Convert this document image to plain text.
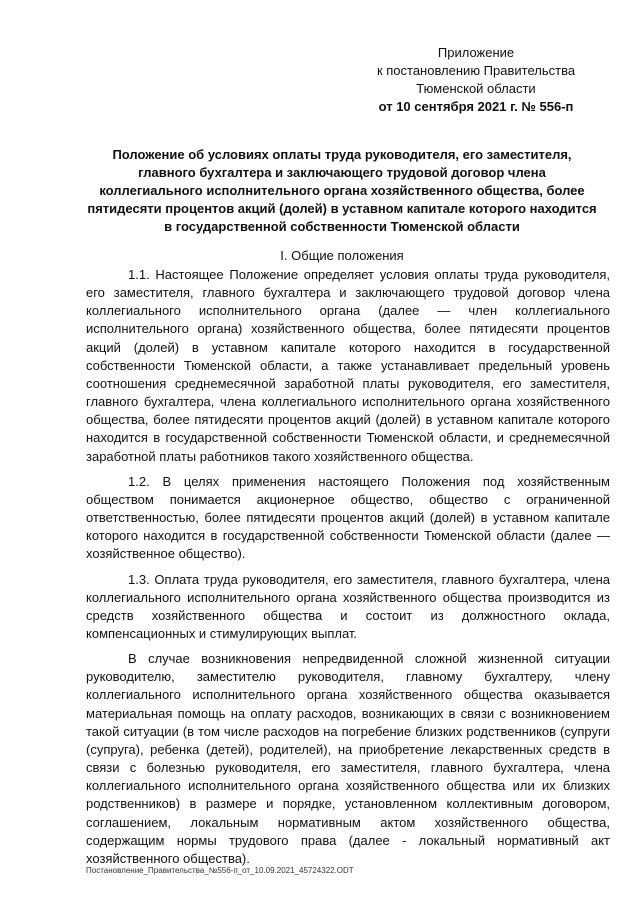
Приложение
к постановлению Правительства
Тюменской области
от 10 сентября 2021 г. № 556-п
Положение об условиях оплаты труда руководителя, его заместителя, главного бухгалтера и заключающего трудовой договор члена коллегиального исполнительного органа хозяйственного общества, более пятидесяти процентов акций (долей) в уставном капитале которого находится в государственной собственности Тюменской области
I. Общие положения

1.1. Настоящее Положение определяет условия оплаты труда руководителя, его заместителя, главного бухгалтера и заключающего трудовой договор члена коллегиального исполнительного органа (далее — член коллегиального исполнительного органа) хозяйственного общества, более пятидесяти процентов акций (долей) в уставном капитале которого находится в государственной собственности Тюменской области, а также устанавливает предельный уровень соотношения среднемесячной заработной платы руководителя, его заместителя, главного бухгалтера, члена коллегиального исполнительного органа хозяйственного общества, более пятидесяти процентов акций (долей) в уставном капитале которого находится в государственной собственности Тюменской области, и среднемесячной заработной платы работников такого хозяйственного общества.

1.2. В целях применения настоящего Положения под хозяйственным обществом понимается акционерное общество, общество с ограниченной ответственностью, более пятидесяти процентов акций (долей) в уставном капитале которого находится в государственной собственности Тюменской области (далее — хозяйственное общество).

1.3. Оплата труда руководителя, его заместителя, главного бухгалтера, члена коллегиального исполнительного органа хозяйственного общества производится из средств хозяйственного общества и состоит из должностного оклада, компенсационных и стимулирующих выплат.

В случае возникновения непредвиденной сложной жизненной ситуации руководителю, заместителю руководителя, главному бухгалтеру, члену коллегиального исполнительного органа хозяйственного общества оказывается материальная помощь на оплату расходов, возникающих в связи с возникновением такой ситуации (в том числе расходов на погребение близких родственников (супруги (супруга), ребенка (детей), родителей), на приобретение лекарственных средств в связи с болезнью руководителя, его заместителя, главного бухгалтера, члена коллегиального исполнительного органа хозяйственного общества или их близких родственников) в размере и порядке, установленном коллективным договором, соглашением, локальным нормативным актом хозяйственного общества, содержащим нормы трудового права (далее - локальный нормативный акт хозяйственного общества).

Постановление_Правительства_№556-п_от_10.09.2021_45724322.ODT
